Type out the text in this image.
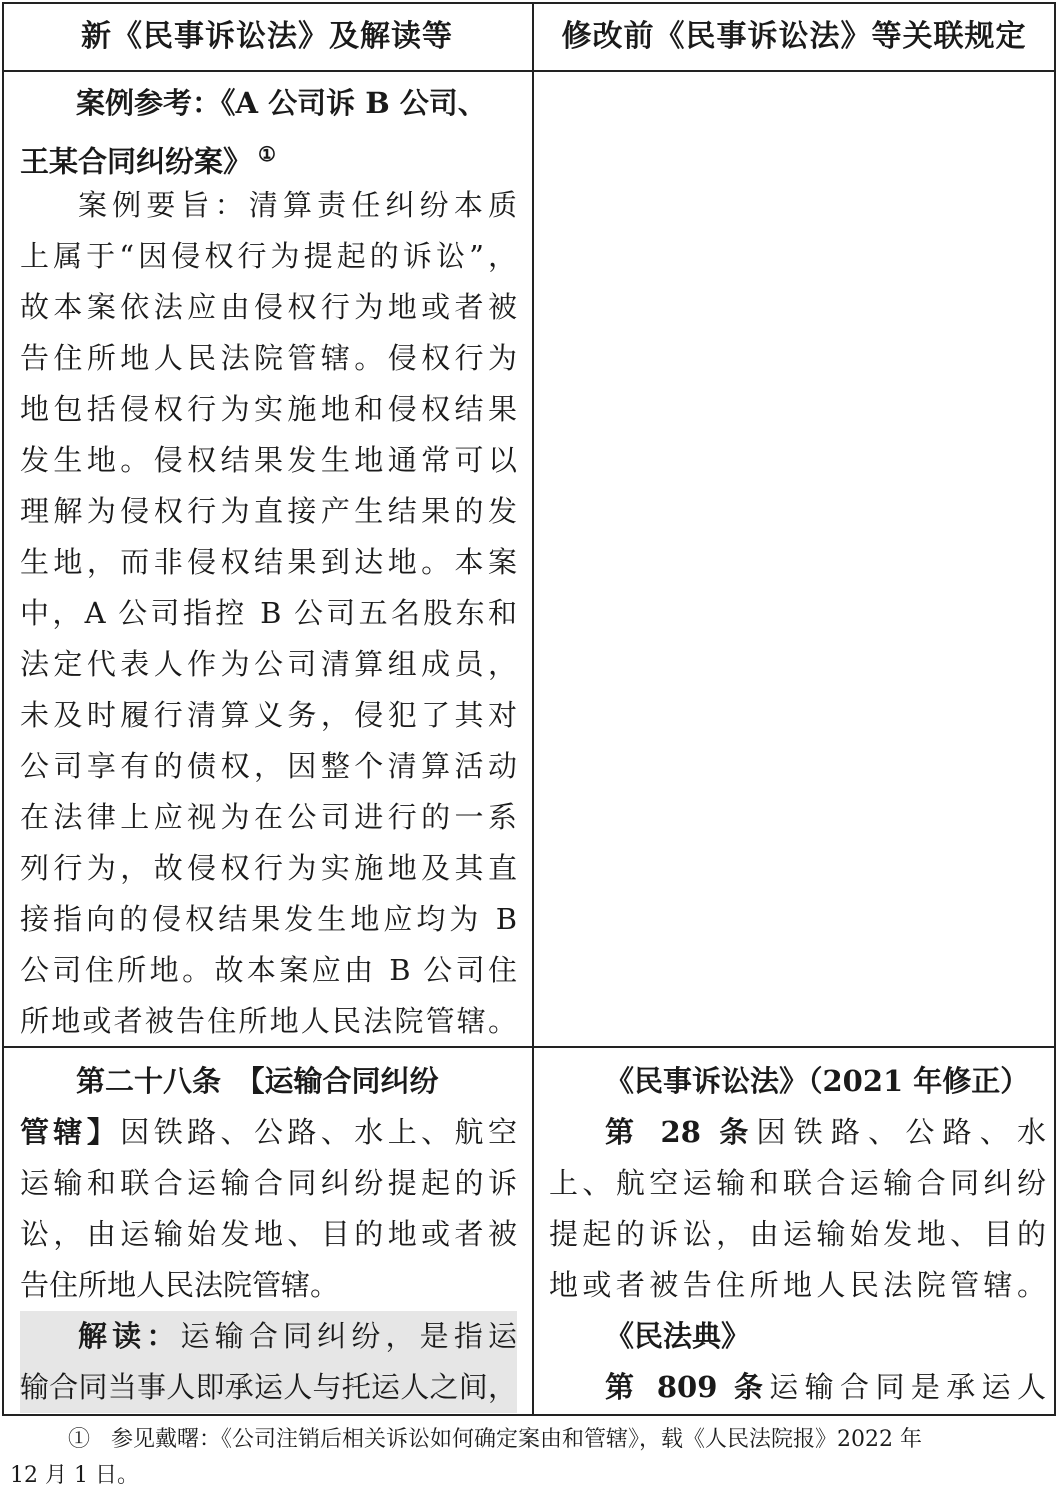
新《民事诉讼法》及解读等	修改前《民事诉讼法》等关联规定
案例参考：《A 公司诉 B 公司、
王某合同纠纷案》 ①
案例要旨：清算责任纠纷本质
上属于“因侵权行为提起的诉讼”，
故本案依法应由侵权行为地或者被
告住所地人民法院管辖。侵权行为
地包括侵权行为实施地和侵权结果
发生地。侵权结果发生地通常可以
理解为侵权行为直接产生结果的发
生地，而非侵权结果到达地。本案
中，A 公司指控 B 公司五名股东和
法定代表人作为公司清算组成员，
未及时履行清算义务，侵犯了其对
公司享有的债权，因整个清算活动
在法律上应视为在公司进行的一系
列行为，故侵权行为实施地及其直
接指向的侵权结果发生地应均为 B
公司住所地。故本案应由 B 公司住
所地或者被告住所地人民法院管辖。
第二十八条　【运输合同纠纷
管辖】因铁路、公路、水上、航空
运输和联合运输合同纠纷提起的诉
讼，由运输始发地、目的地或者被
告住所地人民法院管辖。
解读：运输合同纠纷，是指运
输合同当事人即承运人与托运人之间，
《民事诉讼法》（2021 年修正）
第 28 条因铁路、公路、水
上、航空运输和联合运输合同纠纷
提起的诉讼，由运输始发地、目的
地或者被告住所地人民法院管辖。
《民法典》
第 809 条运输合同是承运人
① 参见戴曙：《公司注销后相关诉讼如何确定案由和管辖》，载《人民法院报》2022 年
12 月 1 日。
